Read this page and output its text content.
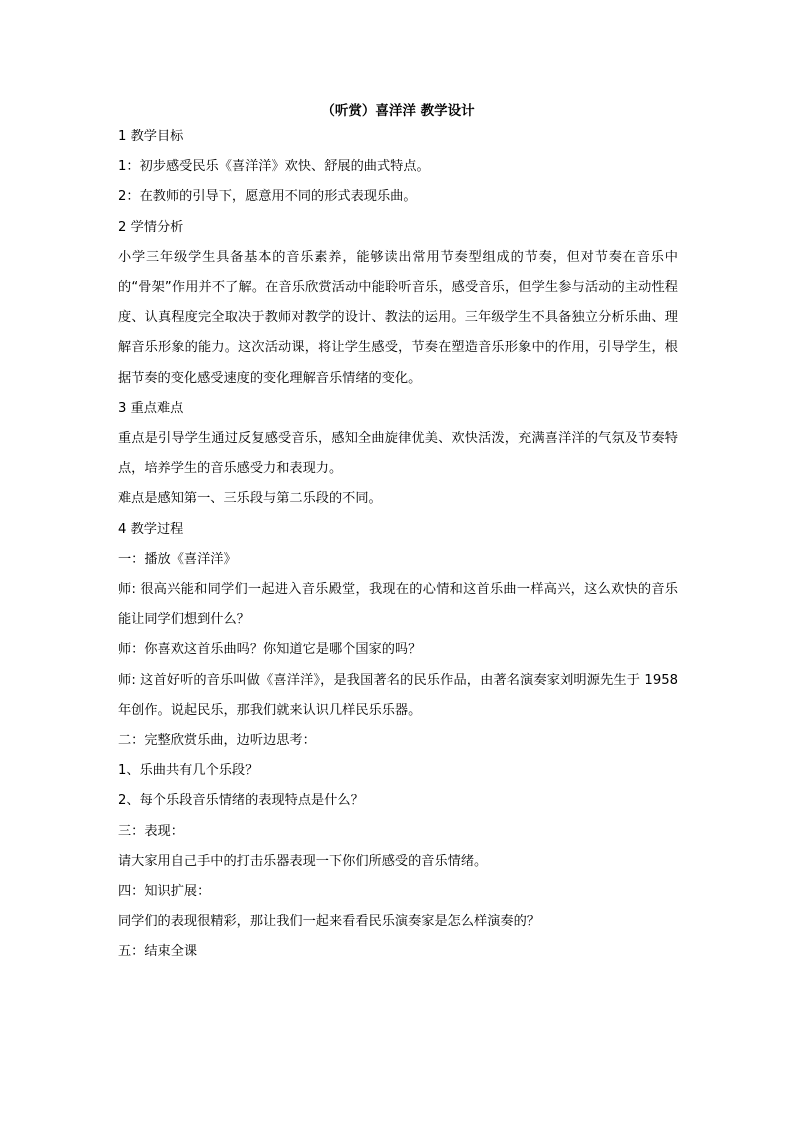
（听赏）喜洋洋 教学设计

1 教学目标

1：初步感受民乐《喜洋洋》欢快、舒展的曲式特点。

2：在教师的引导下，愿意用不同的形式表现乐曲。

2 学情分析

小学三年级学生具备基本的音乐素养，能够读出常用节奏型组成的节奏，但对节奏在音乐中的“骨架”作用并不了解。在音乐欣赏活动中能聆听音乐，感受音乐，但学生参与活动的主动性程度、认真程度完全取决于教师对教学的设计、教法的运用。三年级学生不具备独立分析乐曲、理解音乐形象的能力。这次活动课，将让学生感受，节奏在塑造音乐形象中的作用，引导学生，根据节奏的变化感受速度的变化理解音乐情绪的变化。

3 重点难点

重点是引导学生通过反复感受音乐，感知全曲旋律优美、欢快活泼，充满喜洋洋的气氛及节奏特点，培养学生的音乐感受力和表现力。

难点是感知第一、三乐段与第二乐段的不同。

4 教学过程

一：播放《喜洋洋》

师: 很高兴能和同学们一起进入音乐殿堂，我现在的心情和这首乐曲一样高兴，这么欢快的音乐能让同学们想到什么？

师：你喜欢这首乐曲吗？你知道它是哪个国家的吗？

师: 这首好听的音乐叫做《喜洋洋》，是我国著名的民乐作品，由著名演奏家刘明源先生于 1958 年创作。说起民乐，那我们就来认识几样民乐乐器。

二：完整欣赏乐曲，边听边思考：

1、乐曲共有几个乐段？

2、每个乐段音乐情绪的表现特点是什么？

三：表现：

请大家用自己手中的打击乐器表现一下你们所感受的音乐情绪。

四：知识扩展：

同学们的表现很精彩，那让我们一起来看看民乐演奏家是怎么样演奏的？

五：结束全课
